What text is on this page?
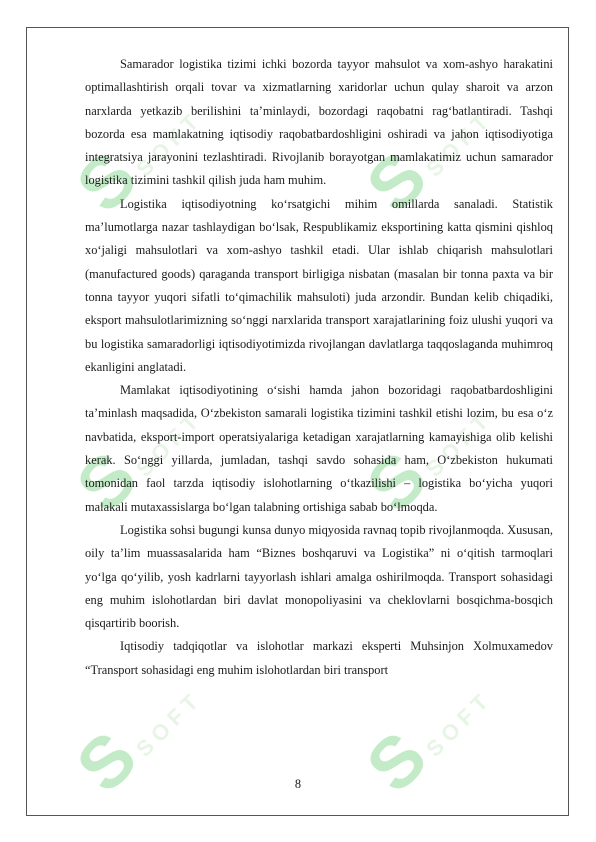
SSOFT SSOFT
SSOFT SSOFT
SSOFT SSOFT

Samarador logistika tizimi ichki bozorda tayyor mahsulot va xom-ashyo harakatini optimallashtirish orqali tovar va xizmatlarning xaridorlar uchun qulay sharoit va arzon narxlarda yetkazib berilishini ta’minlaydi, bozordagi raqobatni rag‘batlantiradi. Tashqi bozorda esa mamlakatning iqtisodiy raqobatbardoshligini oshiradi va jahon iqtisodiyotiga integratsiya jarayonini tezlashtiradi. Rivojlanib borayotgan mamlakatimiz uchun samarador logistika tizimini tashkil qilish juda ham muhim.

Logistika iqtisodiyotning ko‘rsatgichi mihim omillarda sanaladi. Statistik ma’lumotlarga nazar tashlaydigan bo‘lsak, Respublikamiz eksportining katta qismini qishloq xo‘jaligi mahsulotlari va xom-ashyo tashkil etadi. Ular ishlab chiqarish mahsulotlari (manufactured goods) qaraganda transport birligiga nisbatan (masalan bir tonna paxta va bir tonna tayyor yuqori sifatli to‘qimachilik mahsuloti) juda arzondir. Bundan kelib chiqadiki, eksport mahsulotlarimizning so‘nggi narxlarida transport xarajatlarining foiz ulushi yuqori va bu logistika samaradorligi iqtisodiyotimizda rivojlangan davlatlarga taqqoslaganda muhimroq ekanligini anglatadi.

Mamlakat iqtisodiyotining o‘sishi hamda jahon bozoridagi raqobatbardoshligini ta’minlash maqsadida, O‘zbekiston samarali logistika tizimini tashkil etishi lozim, bu esa o‘z navbatida, eksport-import operatsiyalariga ketadigan xarajatlarning kamayishiga olib kelishi kerak. So‘nggi yillarda, jumladan, tashqi savdo sohasida ham, O‘zbekiston hukumati tomonidan faol tarzda iqtisodiy islohotlarning o‘tkazilishi – logistika bo‘yicha yuqori malakali mutaxassislarga bo‘lgan talabning ortishiga sabab bo‘lmoqda.

Logistika sohsi bugungi kunsa dunyo miqyosida ravnaq topib rivojlanmoqda. Xususan, oily ta’lim muassasalarida ham “Biznes boshqaruvi va Logistika” ni o‘qitish tarmoqlari yo‘lga qo‘yilib, yosh kadrlarni tayyorlash ishlari amalga oshirilmoqda. Transport sohasidagi eng muhim islohotlardan biri davlat monopoliyasini va cheklovlarni bosqichma-bosqich qisqartirib boorish.

Iqtisodiy tadqiqotlar va islohotlar markazi eksperti Muhsinjon Xolmuxamedov “Transport sohasidagi eng muhim islohotlardan biri transport

8
